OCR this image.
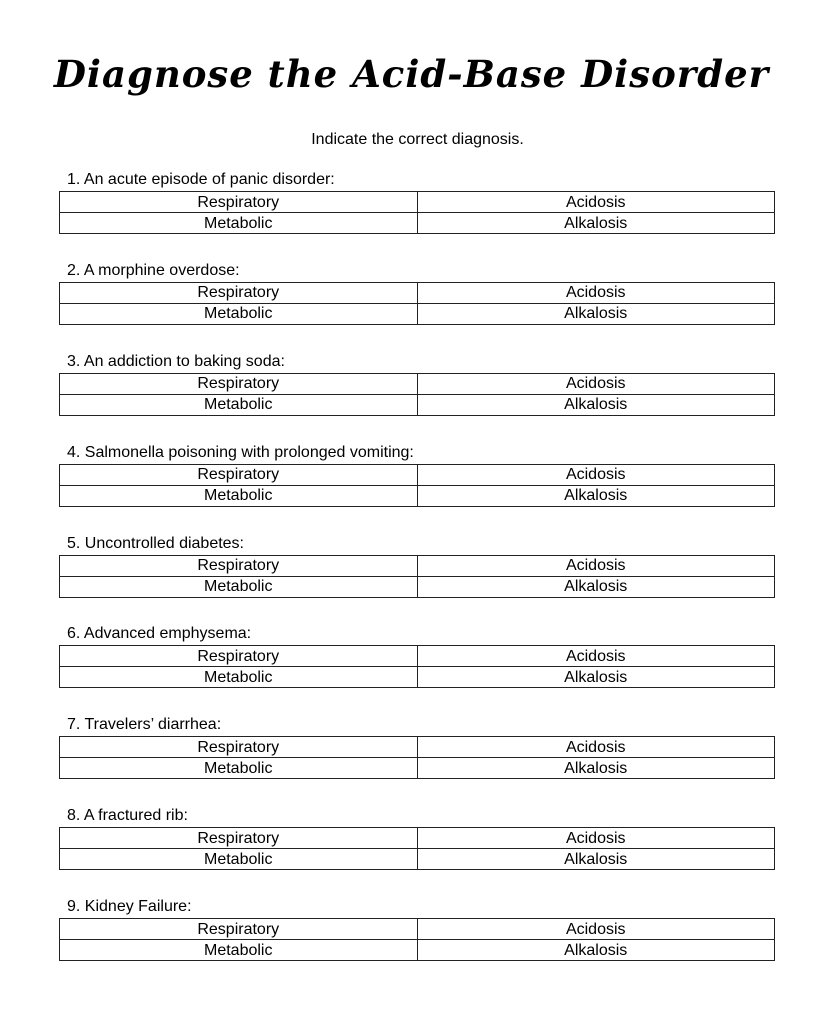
Diagnose the Acid-Base Disorder
Indicate the correct diagnosis.
1. An acute episode of panic disorder:
Respiratory	Acidosis
Metabolic	Alkalosis
2. A morphine overdose:
Respiratory	Acidosis
Metabolic	Alkalosis
3. An addiction to baking soda:
Respiratory	Acidosis
Metabolic	Alkalosis
4. Salmonella poisoning with prolonged vomiting:
Respiratory	Acidosis
Metabolic	Alkalosis
5. Uncontrolled diabetes:
Respiratory	Acidosis
Metabolic	Alkalosis
6. Advanced emphysema:
Respiratory	Acidosis
Metabolic	Alkalosis
7. Travelers’ diarrhea:
Respiratory	Acidosis
Metabolic	Alkalosis
8. A fractured rib:
Respiratory	Acidosis
Metabolic	Alkalosis
9. Kidney Failure:
Respiratory	Acidosis
Metabolic	Alkalosis
